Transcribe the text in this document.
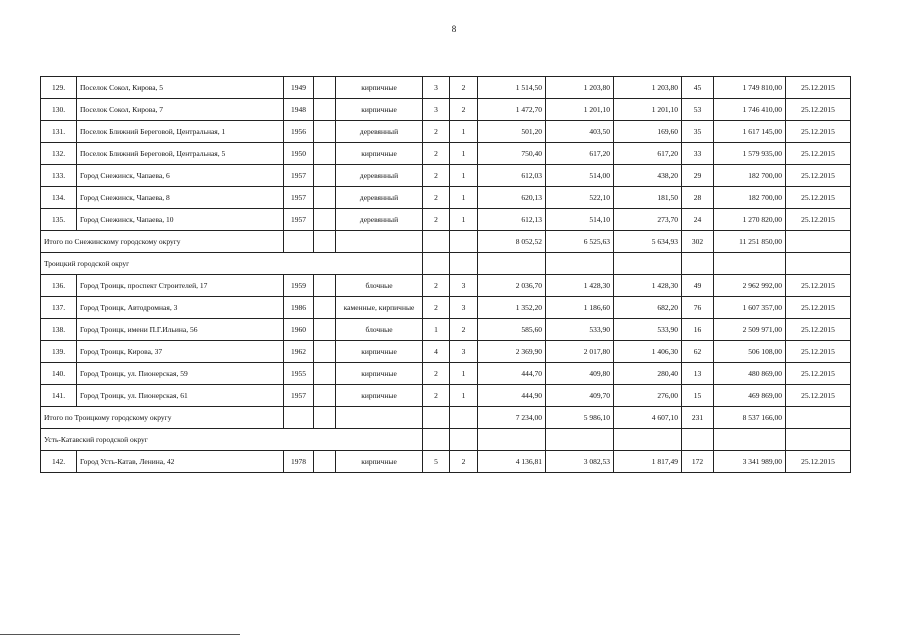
8
129.	Поселок Сокол, Кирова, 5	1949		кирпичные	3	2	1 514,50	1 203,80	1 203,80	45	1 749 810,00	25.12.2015
130.	Поселок Сокол, Кирова, 7	1948		кирпичные	3	2	1 472,70	1 201,10	1 201,10	53	1 746 410,00	25.12.2015
131.	Поселок Ближний Береговой, Центральная, 1	1956		деревянный	2	1	501,20	403,50	169,60	35	1 617 145,00	25.12.2015
132.	Поселок Ближний Береговой, Центральная, 5	1950		кирпичные	2	1	750,40	617,20	617,20	33	1 579 935,00	25.12.2015
133.	Город Снежинск, Чапаева, 6	1957		деревянный	2	1	612,03	514,00	438,20	29	182 700,00	25.12.2015
134.	Город Снежинск, Чапаева, 8	1957		деревянный	2	1	620,13	522,10	181,50	28	182 700,00	25.12.2015
135.	Город Снежинск, Чапаева, 10	1957		деревянный	2	1	612,13	514,10	273,70	24	1 270 820,00	25.12.2015
Итого по Снежинскому городскому округу							8 052,52	6 525,63	5 634,93	302	11 251 850,00	
Троицкий городской округ												
136.	Город Троицк, проспект Строителей, 17	1959		блочные	2	3	2 036,70	1 428,30	1 428,30	49	2 962 992,00	25.12.2015
137.	Город Троицк, Автодромная, 3	1986		каменные, кирпичные	2	3	1 352,20	1 186,60	682,20	76	1 607 357,00	25.12.2015
138.	Город Троицк, имени П.Г.Ильина, 56	1960		блочные	1	2	585,60	533,90	533,90	16	2 509 971,00	25.12.2015
139.	Город Троицк, Кирова, 37	1962		кирпичные	4	3	2 369,90	2 017,80	1 406,30	62	506 108,00	25.12.2015
140.	Город Троицк, ул. Пионерская, 59	1955		кирпичные	2	1	444,70	409,80	280,40	13	480 869,00	25.12.2015
141.	Город Троицк, ул. Пионерская, 61	1957		кирпичные	2	1	444,90	409,70	276,00	15	469 869,00	25.12.2015
Итого по Троицкому городскому округу							7 234,00	5 986,10	4 607,10	231	8 537 166,00	
Усть-Катавский городской округ												
142.	Город Усть-Катав, Ленина, 42	1978		кирпичные	5	2	4 136,81	3 082,53	1 817,49	172	3 341 989,00	25.12.2015
